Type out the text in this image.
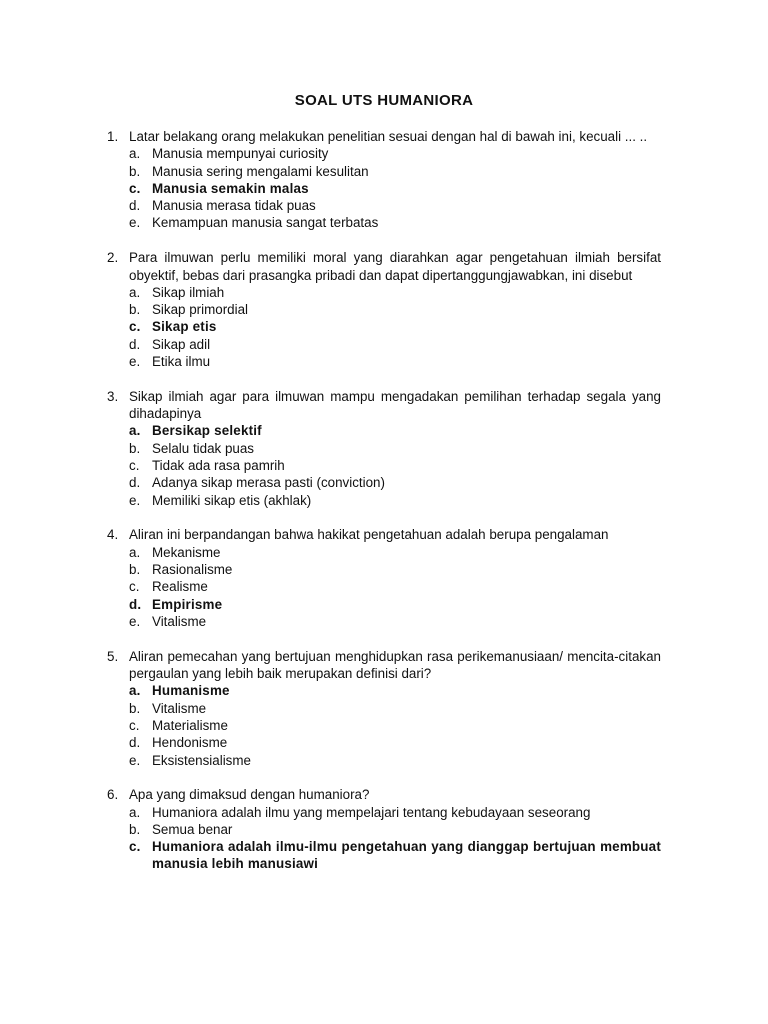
SOAL UTS HUMANIORA
1. Latar belakang orang melakukan penelitian sesuai dengan hal di bawah ini, kecuali ... ..
a. Manusia mempunyai curiosity
b. Manusia sering mengalami kesulitan
c. Manusia semakin malas
d. Manusia merasa tidak puas
e. Kemampuan manusia sangat terbatas
2. Para ilmuwan perlu memiliki moral yang diarahkan agar pengetahuan ilmiah bersifat obyektif, bebas dari prasangka pribadi dan dapat dipertanggungjawabkan, ini disebut
a. Sikap ilmiah
b. Sikap primordial
c. Sikap etis
d. Sikap adil
e. Etika ilmu
3. Sikap ilmiah agar para ilmuwan mampu mengadakan pemilihan terhadap segala yang dihadapinya
a. Bersikap selektif
b. Selalu tidak puas
c. Tidak ada rasa pamrih
d. Adanya sikap merasa pasti (conviction)
e. Memiliki sikap etis (akhlak)
4. Aliran ini berpandangan bahwa hakikat pengetahuan adalah berupa pengalaman
a. Mekanisme
b. Rasionalisme
c. Realisme
d. Empirisme
e. Vitalisme
5. Aliran pemecahan yang bertujuan menghidupkan rasa perikemanusiaan/ mencita-citakan pergaulan yang lebih baik merupakan definisi dari?
a. Humanisme
b. Vitalisme
c. Materialisme
d. Hendonisme
e. Eksistensialisme
6. Apa yang dimaksud dengan humaniora?
a. Humaniora adalah ilmu yang mempelajari tentang kebudayaan seseorang
b. Semua benar
c. Humaniora adalah ilmu-ilmu pengetahuan yang dianggap bertujuan membuat manusia lebih manusiawi
